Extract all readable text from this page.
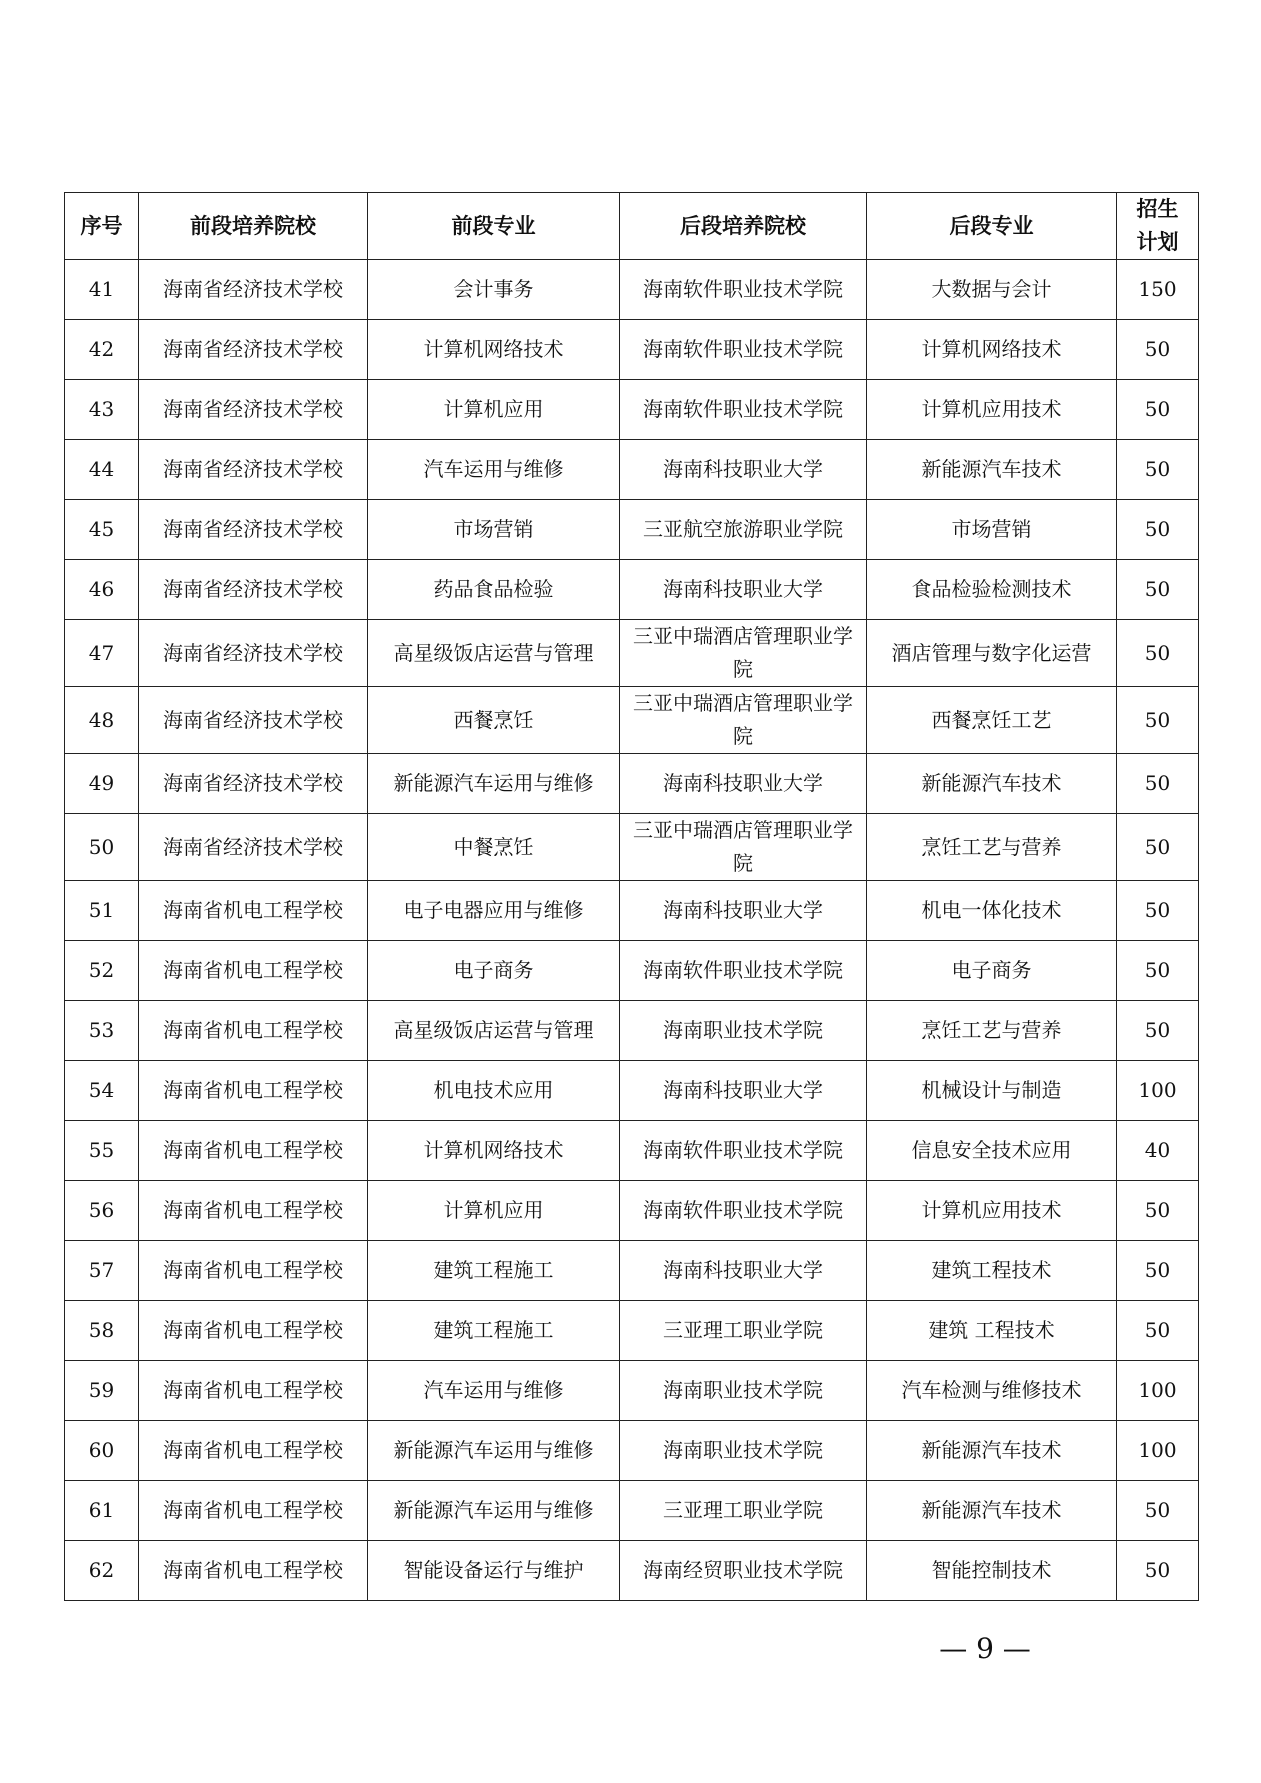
序号	前段培养院校	前段专业	后段培养院校	后段专业	招生
计划
41	海南省经济技术学校	会计事务	海南软件职业技术学院	大数据与会计	150
42	海南省经济技术学校	计算机网络技术	海南软件职业技术学院	计算机网络技术	50
43	海南省经济技术学校	计算机应用	海南软件职业技术学院	计算机应用技术	50
44	海南省经济技术学校	汽车运用与维修	海南科技职业大学	新能源汽车技术	50
45	海南省经济技术学校	市场营销	三亚航空旅游职业学院	市场营销	50
46	海南省经济技术学校	药品食品检验	海南科技职业大学	食品检验检测技术	50
47	海南省经济技术学校	高星级饭店运营与管理	三亚中瑞酒店管理职业学院	酒店管理与数字化运营	50
48	海南省经济技术学校	西餐烹饪	三亚中瑞酒店管理职业学院	西餐烹饪工艺	50
49	海南省经济技术学校	新能源汽车运用与维修	海南科技职业大学	新能源汽车技术	50
50	海南省经济技术学校	中餐烹饪	三亚中瑞酒店管理职业学院	烹饪工艺与营养	50
51	海南省机电工程学校	电子电器应用与维修	海南科技职业大学	机电一体化技术	50
52	海南省机电工程学校	电子商务	海南软件职业技术学院	电子商务	50
53	海南省机电工程学校	高星级饭店运营与管理	海南职业技术学院	烹饪工艺与营养	50
54	海南省机电工程学校	机电技术应用	海南科技职业大学	机械设计与制造	100
55	海南省机电工程学校	计算机网络技术	海南软件职业技术学院	信息安全技术应用	40
56	海南省机电工程学校	计算机应用	海南软件职业技术学院	计算机应用技术	50
57	海南省机电工程学校	建筑工程施工	海南科技职业大学	建筑工程技术	50
58	海南省机电工程学校	建筑工程施工	三亚理工职业学院	建筑 工程技术	50
59	海南省机电工程学校	汽车运用与维修	海南职业技术学院	汽车检测与维修技术	100
60	海南省机电工程学校	新能源汽车运用与维修	海南职业技术学院	新能源汽车技术	100
61	海南省机电工程学校	新能源汽车运用与维修	三亚理工职业学院	新能源汽车技术	50
62	海南省机电工程学校	智能设备运行与维护	海南经贸职业技术学院	智能控制技术	50
— 9 —
